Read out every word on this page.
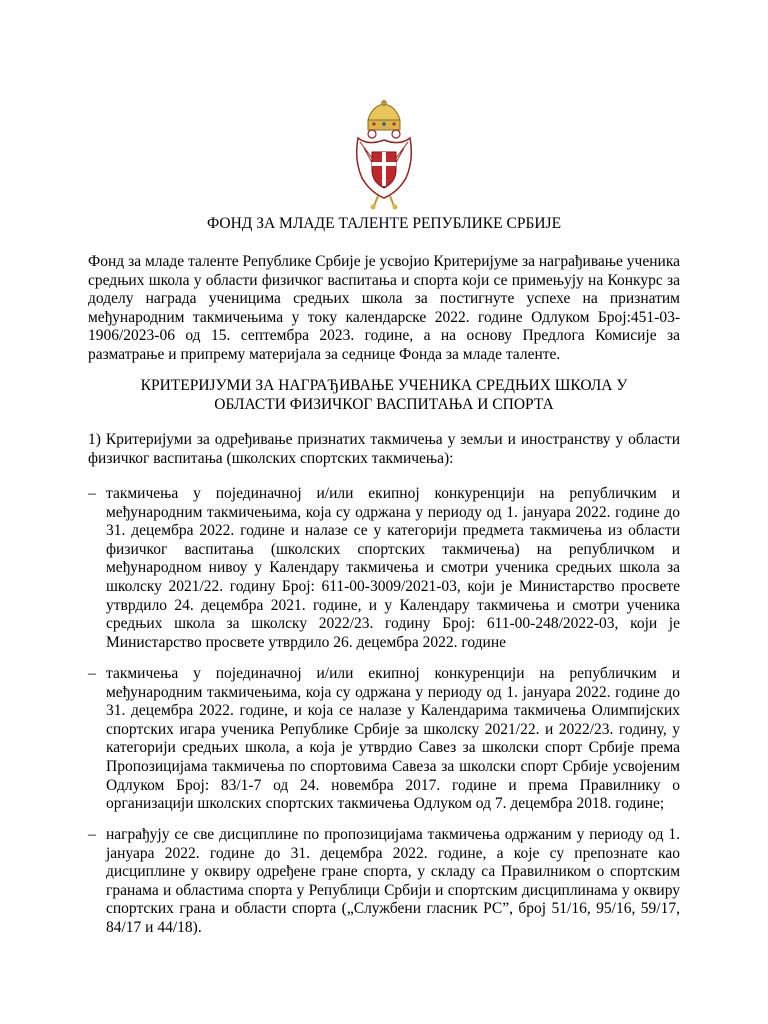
ФОНД ЗА МЛАДЕ ТАЛЕНТЕ РЕПУБЛИКЕ СРБИЈЕ

Фонд за младе таленте Републике Србије је усвојио Критеријуме за награђивање ученика средњих школа у области физичког васпитања и спорта који се примењују на Конкурс за доделу награда ученицима средњих школа за постигнуте успехе на признатим међународним такмичењима у току календарске 2022. године Одлуком Број:451-03-1906/2023-06 од 15. септембра 2023. године, а на основу Предлога Комисије за разматрање и припрему материјала за седнице Фонда за младе таленте.

КРИТЕРИЈУМИ ЗА НАГРАЂИВАЊЕ УЧЕНИКА СРЕДЊИХ ШКОЛА У
ОБЛАСТИ ФИЗИЧКОГ ВАСПИТАЊА И СПОРТА

1) Критеријуми за одређивање признатих такмичења у земљи и иностранству у области физичког васпитања (школских спортских такмичења):

– такмичења у појединачној и/или екипној конкуренцији на републичким и међународним такмичењима, која су одржана у периоду од 1. јануара 2022. године до 31. децембра 2022. године и налазе се у категорији предмета такмичења из области физичког васпитања (школских спортских такмичења) на републичком и међународном нивоу у Календару такмичења и смотри ученика средњих школа за школску 2021/22. годину Број: 611-00-3009/2021-03, који је Министарство просвете утврдило 24. децембра 2021. године, и у Календару такмичења и смотри ученика средњих школа за школску 2022/23. годину Број: 611-00-248/2022-03, који је Министарство просвете утврдило 26. децембра 2022. године
– такмичења у појединачној и/или екипној конкуренцији на републичким и међународним такмичењима, која су одржана у периоду од 1. јануара 2022. године до 31. децембра 2022. године, и која се налазе у Календарима такмичења Олимпијских спортских игара ученика Републике Србије за школску 2021/22. и 2022/23. годину, у категорији средњих школа, а која је утврдио Савез за школски спорт Србије према Пропозицијама такмичења по спортовима Савеза за школски спорт Србије усвојеним Одлуком Број: 83/1-7 од 24. новембра 2017. године и према Правилнику о организацији школских спортских такмичења Одлуком од 7. децембра 2018. године;
– награђују се све дисциплине по пропозицијама такмичења одржаним у периоду од 1. јануара 2022. године до 31. децембра 2022. године, а које су препознате као дисциплине у оквиру одређене гране спорта, у складу са Правилником о спортским гранама и областима спорта у Републици Србији и спортским дисциплинама у оквиру спортских грана и области спорта („Службени гласник РС”, број 51/16, 95/16, 59/17, 84/17 и 44/18).
